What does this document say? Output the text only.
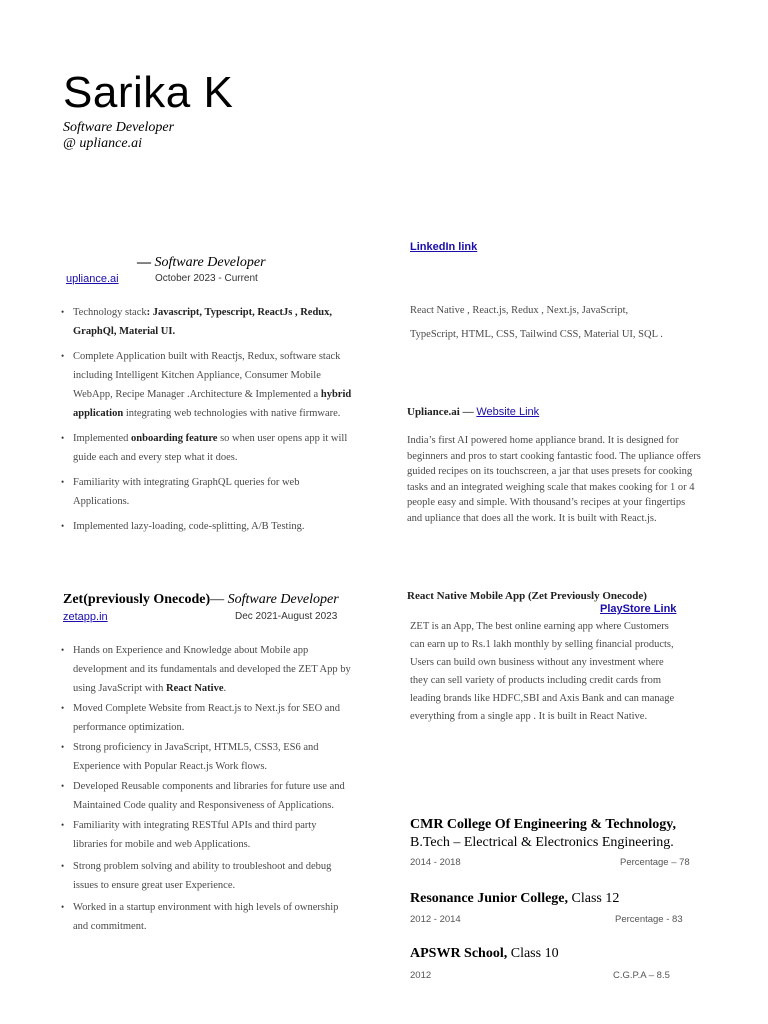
Sarika K
Software Developer
@ upliance.ai
LinkedIn link
— Software Developer
upliance.ai	October 2023 - Current
• Technology stack: Javascript, Typescript, ReactJs , Redux, GraphQl, Material UI.
• Complete Application built with Reactjs, Redux, software stack including Intelligent Kitchen Appliance, Consumer Mobile WebApp, Recipe Manager .Architecture & Implemented a hybrid application integrating web technologies with native firmware.
• Implemented onboarding feature so when user opens app it will guide each and every step what it does.
• Familiarity with integrating GraphQL queries for web Applications.
• Implemented lazy-loading, code-splitting, A/B Testing.
React Native , React.js, Redux , Next.js, JavaScript,
TypeScript, HTML, CSS, Tailwind CSS, Material UI, SQL .
Upliance.ai — Website Link
India’s first AI powered home appliance brand. It is designed for beginners and pros to start cooking fantastic food. The upliance offers guided recipes on its touchscreen, a jar that uses presets for cooking tasks and an integrated weighing scale that makes cooking for 1 or 4 people easy and simple. With thousand’s recipes at your fingertips and upliance that does all the work. It is built with React.js.
Zet(previously Onecode)— Software Developer
zetapp.in	Dec 2021-August 2023
• Hands on Experience and Knowledge about Mobile app development and its fundamentals and developed the ZET App by using JavaScript with React Native.
• Moved Complete Website from React.js to Next.js for SEO and performance optimization.
• Strong proficiency in JavaScript, HTML5, CSS3, ES6 and Experience with Popular React.js Work flows.
• Developed Reusable components and libraries for future use and Maintained Code quality and Responsiveness of Applications.
• Familiarity with integrating RESTful APIs and third party libraries for mobile and web Applications.
• Strong problem solving and ability to troubleshoot and debug issues to ensure great user Experience.
• Worked in a startup environment with high levels of ownership and commitment.
React Native Mobile App (Zet Previously Onecode)
PlayStore Link
ZET is an App, The best online earning app where Customers can earn up to Rs.1 lakh monthly by selling financial products, Users can build own business without any investment where they can sell variety of products including credit cards from leading brands like HDFC,SBI and Axis Bank and can manage everything from a single app . It is built in React Native.
CMR College Of Engineering & Technology,
B.Tech – Electrical & Electronics Engineering.
2014 - 2018	Percentage – 78
Resonance Junior College, Class 12
2012 - 2014	Percentage - 83
APSWR School, Class 10
2012	C.G.P.A – 8.5
